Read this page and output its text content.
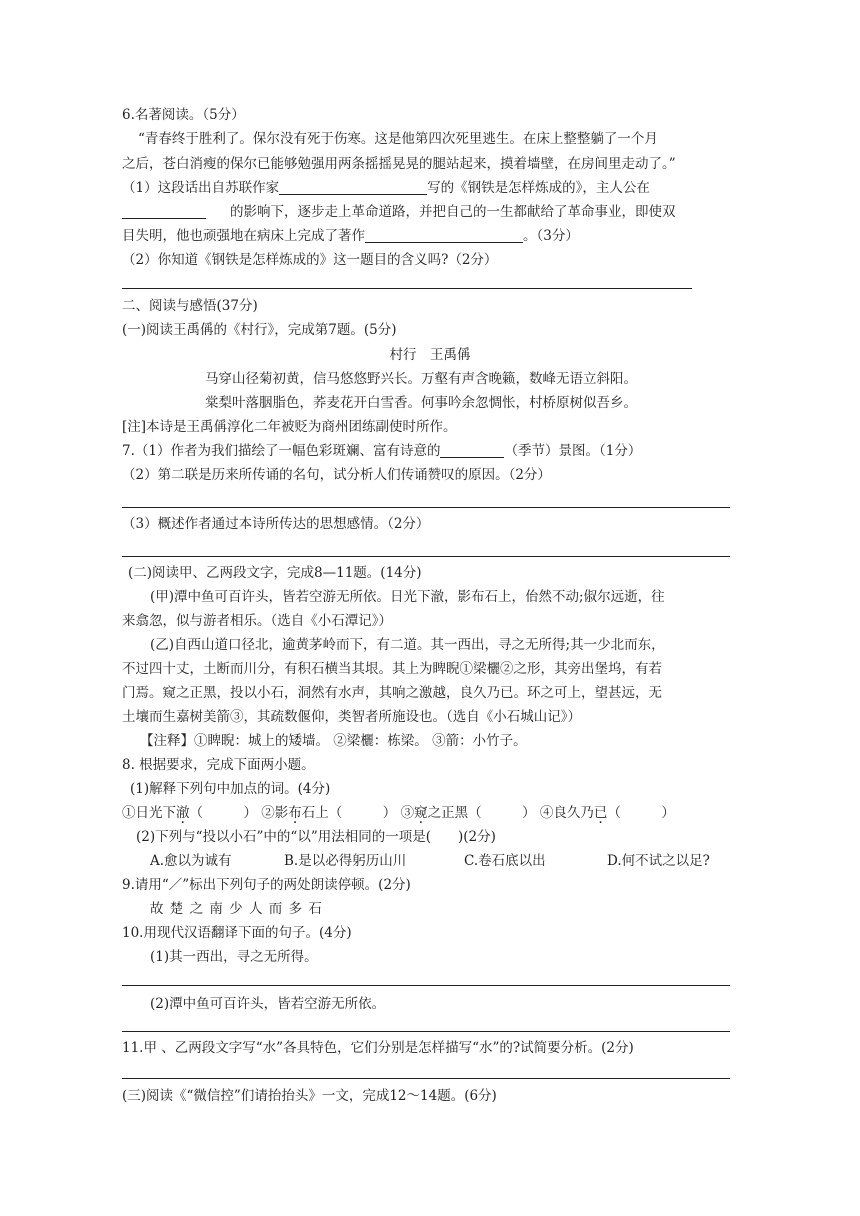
6.名著阅读。（5分）
“青春终于胜利了。保尔没有死于伤寒。这是他第四次死里逃生。在床上整整躺了一个月
之后，苍白消瘦的保尔已能够勉强用两条摇摇晃晃的腿站起来，摸着墙壁，在房间里走动了。”
（1）这段话出自苏联作家	写的《钢铁是怎样炼成的》，主人公在
的影响下，逐步走上革命道路，并把自己的一生都献给了革命事业，即使双
目失明，他也顽强地在病床上完成了著作	。（3分）
（2）你知道《钢铁是怎样炼成的》这一题目的含义吗?（2分）
二、阅读与感悟(37分)
(一)阅读王禹偁的《村行》，完成第7题。(5分)
村行　王禹偁
马穿山径菊初黄，信马悠悠野兴长。万壑有声含晚籁，数峰无语立斜阳。
棠梨叶落胭脂色，荞麦花开白雪香。何事吟余忽惆怅，村桥原树似吾乡。
[注]本诗是王禹偁淳化二年被贬为商州团练副使时所作。
7.（1）作者为我们描绘了一幅色彩斑斓、富有诗意的	（季节）景图。（1分）
（2）第二联是历来所传诵的名句，试分析人们传诵赞叹的原因。（2分）
（3）概述作者通过本诗所传达的思想感情。（2分）
(二)阅读甲、乙两段文字，完成8—11题。(14分)
(甲)潭中鱼可百许头，皆若空游无所依。日光下澈，影布石上，佁然不动;俶尔远逝，往
来翕忽，似与游者相乐。（选自《小石潭记》）
(乙)自西山道口径北，逾黄茅岭而下，有二道。其一西出，寻之无所得;其一少北而东，
不过四十丈，土断而川分，有积石横当其垠。其上为睥睨①梁欐②之形，其旁出堡坞，有若
门焉。窥之正黑，投以小石，洞然有水声，其响之激越，良久乃已。环之可上，望甚远，无
土壤而生嘉树美箭③，其疏数偃仰，类智者所施设也。（选自《小石城山记》）
【注释】①睥睨：城上的矮墙。 ②梁欐：栋梁。 ③箭：小竹子。
8. 根据要求，完成下面两小题。
(1)解释下列句中加点的词。(4分)
①日光下澈（　　　） ②影布石上（　　　） ③窥之正黑（　　　） ④良久乃已（　　　）
(2)下列与“投以小石”中的“以”用法相同的一项是(　　)(2分)
A.愈以为诚有	B.是以必得躬历山川	C.卷石底以出	D.何不试之以足?
9.请用“／”标出下列句子的两处朗读停顿。(2分)
故 楚 之 南 少 人 而 多 石
10.用现代汉语翻译下面的句子。(4分)
(1)其一西出，寻之无所得。
(2)潭中鱼可百许头，皆若空游无所依。
11.甲 、乙两段文字写“水”各具特色，它们分别是怎样描写“水”的?试简要分析。(2分)
(三)阅读《“微信控”们请抬抬头》一文，完成12～14题。(6分)
